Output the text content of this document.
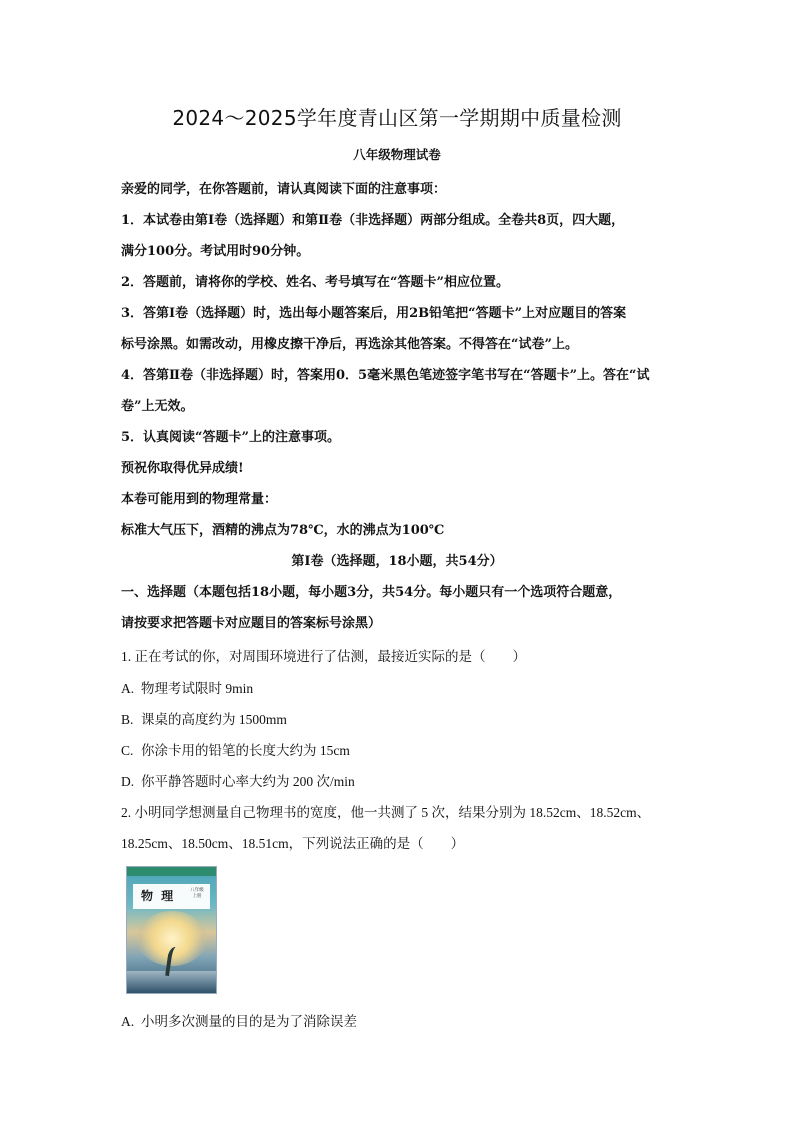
2024～2025学年度青山区第一学期期中质量检测
八年级物理试卷
亲爱的同学，在你答题前，请认真阅读下面的注意事项：
1．本试卷由第Ⅰ卷（选择题）和第Ⅱ卷（非选择题）两部分组成。全卷共8页，四大题，
满分100分。考试用时90分钟。
2．答题前，请将你的学校、姓名、考号填写在“答题卡”相应位置。
3．答第Ⅰ卷（选择题）时，选出每小题答案后，用2B铅笔把“答题卡”上对应题目的答案
标号涂黑。如需改动，用橡皮擦干净后，再选涂其他答案。不得答在“试卷”上。
4．答第Ⅱ卷（非选择题）时，答案用0．5毫米黑色笔迹签字笔书写在“答题卡”上。答在“试
卷”上无效。
5．认真阅读“答题卡”上的注意事项。
预祝你取得优异成绩!
本卷可能用到的物理常量：
标准大气压下，酒精的沸点为78℃，水的沸点为100℃
第Ⅰ卷（选择题，18小题，共54分）
一、选择题（本题包括18小题，每小题3分，共54分。每小题只有一个选项符合题意，
请按要求把答题卡对应题目的答案标号涂黑）
1. 正在考试的你，对周围环境进行了估测，最接近实际的是（　　）
A. 物理考试限时 9min
B. 课桌的高度约为 1500mm
C. 你涂卡用的铅笔的长度大约为 15cm
D. 你平静答题时心率大约为 200 次/min
2. 小明同学想测量自己物理书的宽度，他一共测了 5 次，结果分别为 18.52cm、18.52cm、
18.25cm、18.50cm、18.51cm，下列说法正确的是（　　）
物 理	八年级 上册
A. 小明多次测量的目的是为了消除误差
